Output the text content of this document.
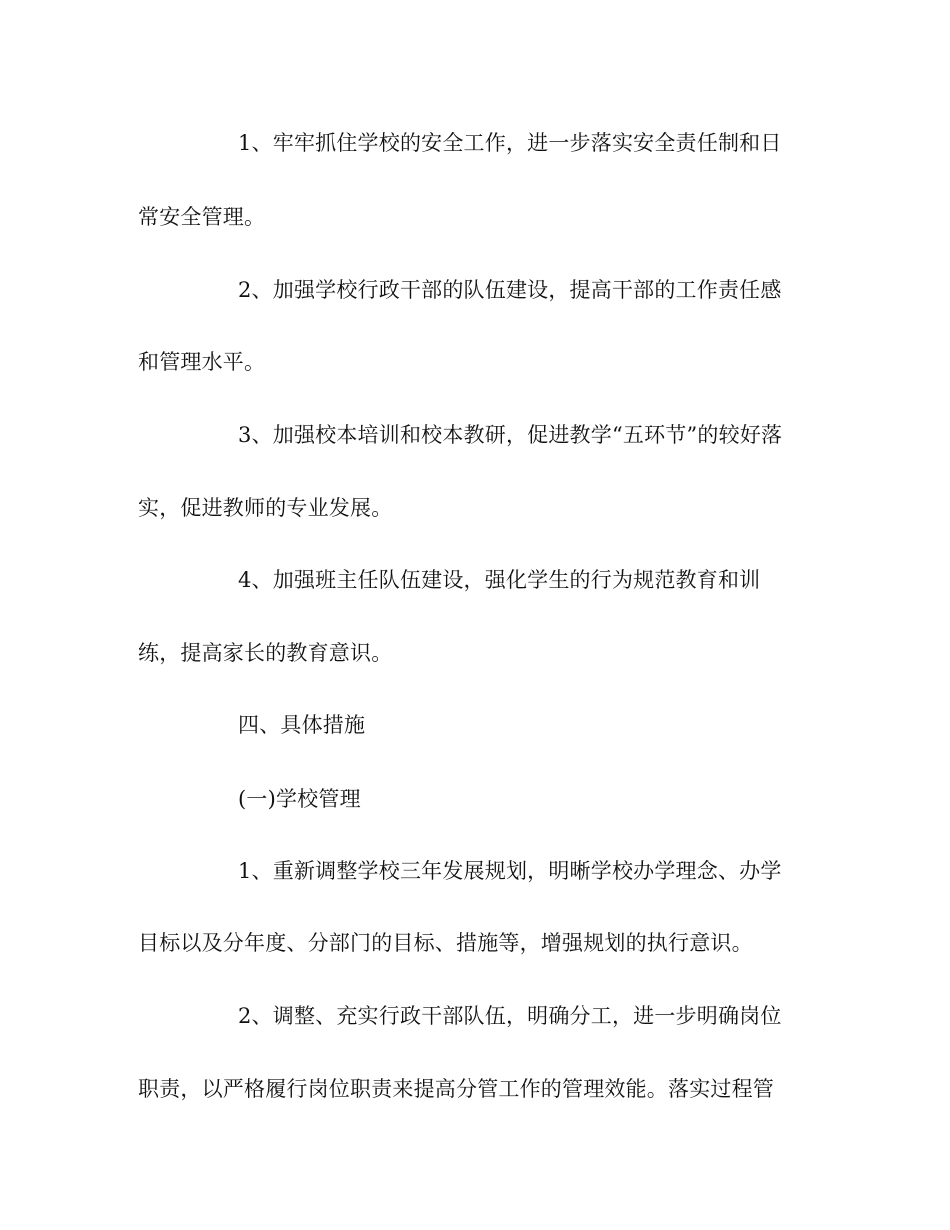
1、牢牢抓住学校的安全工作，进一步落实安全责任制和日
常安全管理。
2、加强学校行政干部的队伍建设，提高干部的工作责任感
和管理水平。
3、加强校本培训和校本教研，促进教学“五环节”的较好落
实，促进教师的专业发展。
4、加强班主任队伍建设，强化学生的行为规范教育和训
练，提高家长的教育意识。
四、具体措施
(一)学校管理
1、重新调整学校三年发展规划，明晰学校办学理念、办学
目标以及分年度、分部门的目标、措施等，增强规划的执行意识。
2、调整、充实行政干部队伍，明确分工，进一步明确岗位
职责，以严格履行岗位职责来提高分管工作的管理效能。落实过程管
